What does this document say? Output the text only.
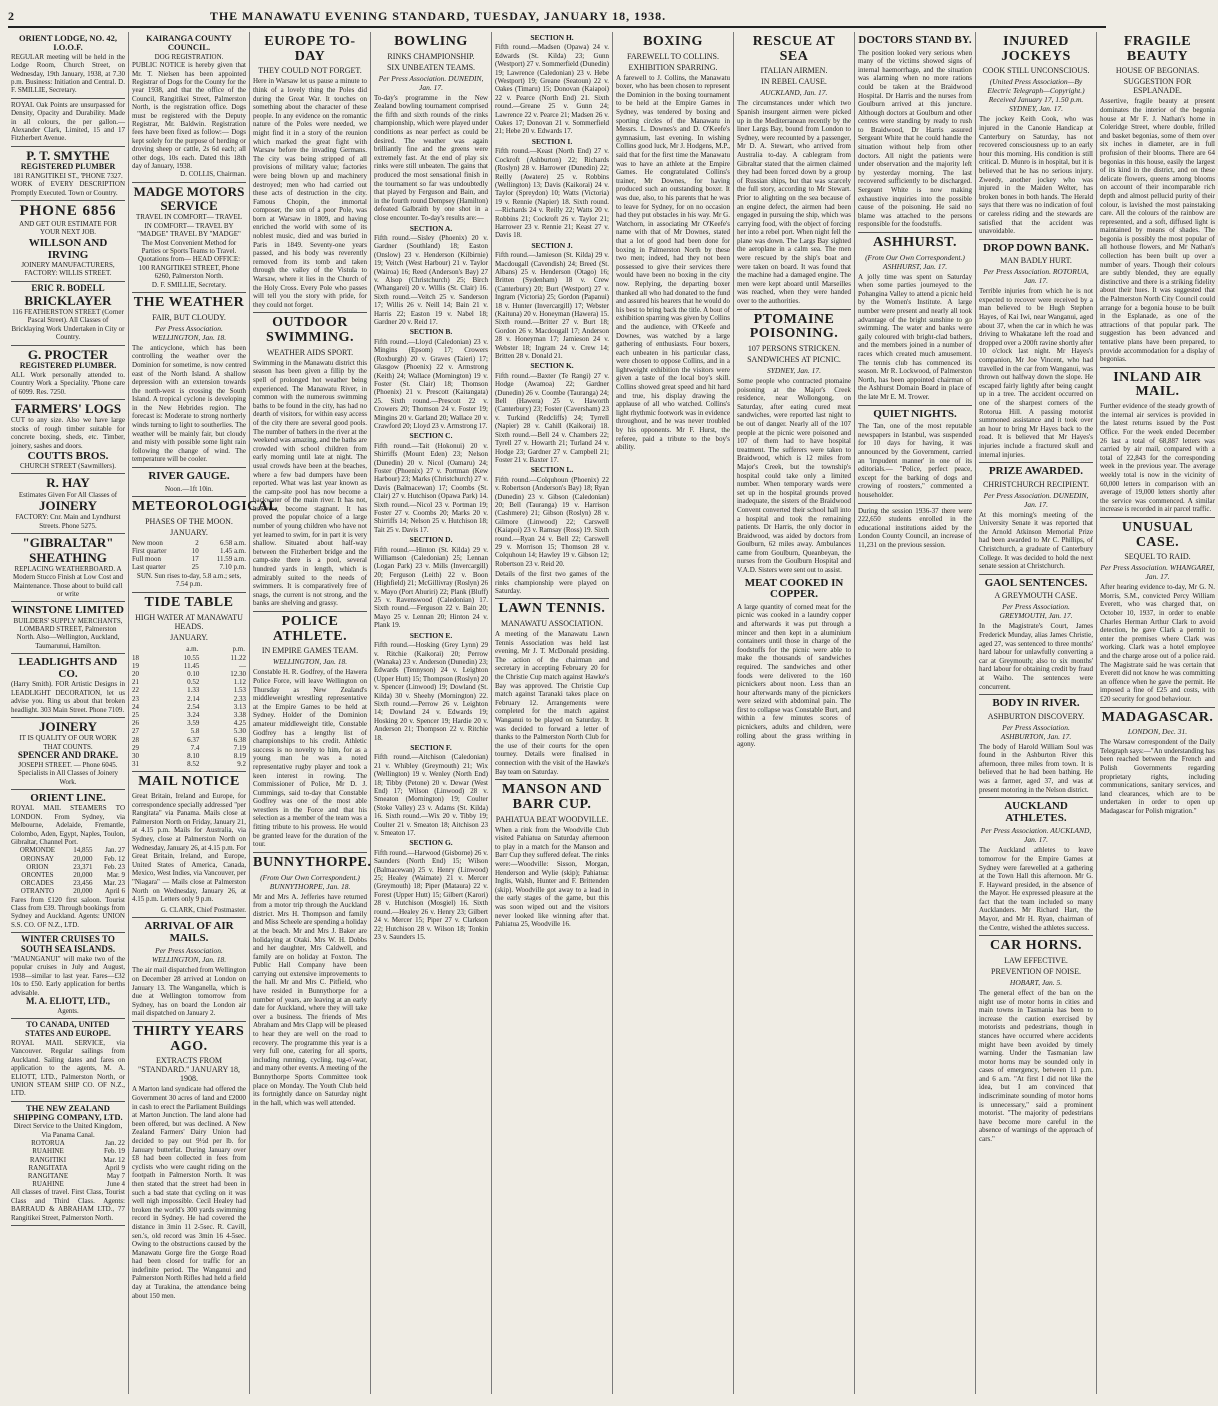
2	THE MANAWATU EVENING STANDARD, TUESDAY, JANUARY 18, 1938.
ORIENT LODGE, NO. 42, I.O.O.F.
REGULAR meeting will be held in the Lodge Room, Church Street, on Wednesday, 19th January, 1938, at 7.30 p.m. Business: Initiation and Central. D. F. SMILLIE, Secretary.
ROYAL Oak Points are unsurpassed for Density, Opacity and Durability. Made in all colours, the per gallon.—Alexander Clark, Limited, 15 and 17 Fitzherbert Avenue.
P. T. SMYTHE
REGISTERED PLUMBER
181 RANGITIKEI ST., 'PHONE 7327.
WORK of EVERY DESCRIPTION Promptly Executed. Town or Country.
PHONE 6856
AND GET OUR ESTIMATE FOR YOUR NEXT JOB.
WILLSON AND IRVING
JOINERY MANUFACTURERS, FACTORY: WILLIS STREET.
ERIC R. BODELL
BRICKLAYER
116 FEATHERSTON STREET (Corner Pascal Street). All Classes of Bricklaying Work Undertaken in City or Country.
G. PROCTER
REGISTERED PLUMBER.
ALL Work personally attended to. Country Work a Speciality. 'Phone care of 6099. Res. 7250.
FARMERS' LOGS
CUT to any size. Also we have large stocks of rough timber suitable for concrete boxing, sheds, etc. Timber, joinery, sashes and doors.
COUTTS BROS.
CHURCH STREET (Sawmillers).
R. HAY
Estimates Given For All Classes of
JOINERY
FACTORY: Cnr. Main and Lyndhurst Streets. Phone 5275.
"GIBRALTAR"
SHEATHING
REPLACING WEATHERBOARD. A Modern Stucco Finish at Low Cost and Maintenance. Those about to build call or write
WINSTONE LIMITED
BUILDERS' SUPPLY MERCHANTS, LOMBARD STREET, Palmerston North. Also—Wellington, Auckland, Taumarunui, Hamilton.
LEADLIGHTS AND CO.
(Harry Smith). FOR Artistic Designs in LEADLIGHT DECORATION, let us advise you. Ring us about that broken headlight. 303 Main Street. Phone 7109.
JOINERY
IT IS QUALITY OF OUR WORK THAT COUNTS.
SPENCER AND DRAKE.
JOSEPH STREET. — Phone 6045. Specialists in All Classes of Joinery Work.
ORIENT LINE.
ROYAL MAIL STEAMERS TO LONDON. From Sydney, via Melbourne, Adelaide, Fremantle, Colombo, Aden, Egypt, Naples, Toulon, Gibraltar, Channel Port.
ORMONDE	14,855	Jan. 27
ORONSAY	20,000	Feb. 12
ORION	23,371	Feb. 23
ORONTES	20,000	Mar. 9
ORCADES	23,456	Mar. 23
OTRANTO	20,000	April 6
Fares from £120 first saloon. Tourist Class from £39. Through bookings from Sydney and Auckland. Agents: UNION S.S. CO. OF N.Z., LTD.
WINTER CRUISES TO SOUTH SEA ISLANDS.
"MAUNGANUI" will make two of the popular cruises in July and August, 1938—similar to last year. Fares—£32 10s to £50. Early application for berths advisable.
M. A. ELIOTT, LTD.,
Agents.
TO CANADA, UNITED STATES AND EUROPE.
ROYAL MAIL SERVICE, via Vancouver. Regular sailings from Auckland. Sailing dates and fares on application to the agents, M. A. ELIOTT, LTD., Palmerston North, or UNION STEAM SHIP CO. OF N.Z., LTD.
THE NEW ZEALAND SHIPPING COMPANY, LTD.
Direct Service to the United Kingdom, Via Panama Canal.
ROTORUA	Jan. 22
RUAHINE	Feb. 19
RANGITIKI	Mar. 12
RANGITATA	April 9
RANGITANE	May 7
RUAHINE	June 4
All classes of travel. First Class, Tourist Class and Third Class. Agents: BARRAUD & ABRAHAM LTD., 77 Rangitikei Street, Palmerston North.
KAIRANGA COUNTY COUNCIL.
DOG REGISTRATION.
PUBLIC NOTICE is hereby given that Mr. T. Nielsen has been appointed Registrar of Dogs for the County for the year 1938, and that the office of the Council, Rangitikei Street, Palmerston North, is the registration office. Dogs must be registered with the Deputy Registrar, Mr. Baldwin. Registration fees have been fixed as follow:— Dogs kept solely for the purpose of herding or droving sheep or cattle, 2s 6d each; all other dogs, 10s each. Dated this 18th day of January, 1938.
D. COLLIS, Chairman.
MADGE MOTORS SERVICE
TRAVEL IN COMFORT— TRAVEL IN COMFORT— TRAVEL BY "MADGE" TRAVEL BY "MADGE" The Most Convenient Method for Parties or Sports Teams to Travel. Quotations from— HEAD OFFICE: 100 RANGITIKEI STREET, Phone 6260, Palmerston North.
D. F. SMILLIE, Secretary.
THE WEATHER
FAIR, BUT CLOUDY.
Per Press Association. WELLINGTON, Jan. 18.
The anticyclone, which has been controlling the weather over the Dominion for sometime, is now centred east of the North Island. A shallow depression with an extension towards the north-west is crossing the South Island. A tropical cyclone is developing in the New Hebrides region. The forecast is: Moderate to strong northerly winds turning to light to southerlies. The weather will be mainly fair, but cloudy and misty with possible some light rain following the change of wind. The temperature will be cooler.
RIVER GAUGE.
Noon.—1ft 10in.
METEOROLOGICAL
PHASES OF THE MOON.
JANUARY.
New moon	2	6.58 a.m.
First quarter	10	1.45 a.m.
Full moon	17	11.59 a.m.
Last quarter	25	7.10 p.m.
SUN. Sun rises to-day, 5.8 a.m.; sets, 7.54 p.m.
TIDE TABLE
HIGH WATER AT MANAWATU HEADS.
JANUARY.
	a.m.	p.m.
18	10.55	11.22
19	11.45	—
20	0.10	12.30
21	0.52	1.12
22	1.33	1.53
23	2.14	2.33
24	2.54	3.13
25	3.24	3.38
26	3.59	4.25
27	5.8	5.30
28	6.37	6.38
29	7.4	7.19
30	8.10	8.19
31	8.52	9.2
MAIL NOTICE
Great Britain, Ireland and Europe, for correspondence specially addressed "per Rangitata" via Panama. Mails close at Palmerston North on Friday, January 21, at 4.15 p.m. Mails for Australia, via Sydney, close at Palmerston North on Wednesday, January 26, at 4.15 p.m. For Great Britain, Ireland, and Europe, United States of America, Canada, Mexico, West Indies, via Vancouver, per "Niagara" — Mails close at Palmerston North on Wednesday, January 26, at 4.15 p.m. Letters only 9 p.m.
G. CLARK, Chief Postmaster.
ARRIVAL OF AIR MAILS.
Per Press Association. WELLINGTON, Jan. 18.
The air mail dispatched from Wellington on December 28 arrived at London on January 13. The Wanganella, which is due at Wellington tomorrow from Sydney, has on board the London air mail dispatched on January 2.
THIRTY YEARS AGO.
EXTRACTS FROM "STANDARD." JANUARY 18, 1908.
A Marton land syndicate had offered the Government 30 acres of land and £2000 in cash to erect the Parliament Buildings at Marton Junction. The land alone had been offered, but was declined. A New Zealand Farmers' Dairy Union had decided to pay out 9½d per lb. for January butterfat. During January over £8 had been collected in fees from cyclists who were caught riding on the footpath in Palmerston North. It was then stated that the street had been in such a bad state that cycling on it was well nigh impossible. Cecil Healey had broken the world's 300 yards swimming record in Sydney. He had covered the distance in 3min 11 2-5sec. R. Cavill, sen.'s, old record was 3min 16 4-5sec. Owing to the obstructions caused by the Manawatu Gorge fire the Gorge Road had been closed for traffic for an indefinite period. The Wanganui and Palmerston North Rifles had held a field day at Turakina, the attendance being about 150 men.
EUROPE TO-DAY
THEY COULD NOT FORGET.
Here in Warsaw let us pause a minute to think of a lovely thing the Poles did during the Great War. It touches on something about the character of these people. In any evidence on the romantic nature of the Poles were needed, we might find it in a story of the reunion which marked the great fight with Warsaw before the invading Germans. The city was being stripped of all provisions of military value; factories were being blown up and machinery destroyed; men who had carried out these acts of destruction in the city. Famous Chopin, the immortal composer, the son of a poor Pole, was born at Warsaw in 1809, and having enriched the world with some of its noblest music, died and was buried in Paris in 1849. Seventy-one years passed, and his body was reverently removed from its tomb and taken through the valley of the Vistula to Warsaw, where it lies in the Church of the Holy Cross. Every Pole who passes will tell you the story with pride, for they could not forget.
OUTDOOR SWIMMING.
WEATHER AIDS SPORT.
Swimming in the Manawatu district this season has been given a fillip by the spell of prolonged hot weather being experienced. The Manawatu River, in common with the numerous swimming baths to be found in the city, has had no dearth of visitors, for within easy access of the city there are several good pools. The number of bathers in the river at the weekend was amazing, and the baths are crowded with school children from early morning until late at night. The usual crowds have been at the beaches, where a few bad dumpers have been reported. What was last year known as the camp-site pool has now become a backwater of the main river. It has not, however, become stagnant. It has proved the popular choice of a large number of young children who have not yet learned to swim, for in part it is very shallow. Situated about half-way between the Fitzherbert bridge and the camp-site there is a pool, several hundred yards in length, which is admirably suited to the needs of swimmers. It is comparatively free of snags, the current is not strong, and the banks are shelving and grassy.
POLICE ATHLETE.
IN EMPIRE GAMES TEAM.
WELLINGTON, Jan. 18.
Constable H. R. Godfrey, of the Hawera Police Force, will leave Wellington on Thursday as New Zealand's middleweight wrestling representative at the Empire Games to be held at Sydney. Holder of the Dominion amateur middleweight title, Constable Godfrey has a lengthy list of championships to his credit. Athletic success is no novelty to him, for as a young man he was a noted representative rugby player and took a keen interest in rowing. The Commissioner of Police, Mr D. J. Cummings, said to-day that Constable Godfrey was one of the most able wrestlers in the Force and that his selection as a member of the team was a fitting tribute to his prowess. He would be granted leave for the duration of the tour.
BUNNYTHORPE.
(From Our Own Correspondent.) BUNNYTHORPE, Jan. 18.
Mr and Mrs A. Jefferies have returned from a motor trip through the Auckland district. Mrs H. Thompson and family and Miss Scheele are spending a holiday at the beach. Mr and Mrs J. Baker are holidaying at Otaki. Mrs W. H. Dobbs and her daughter, Mrs Caldwell, and family are on holiday at Foxton. The Public Hall Company have been carrying out extensive improvements to the hall. Mr and Mrs C. Pitfield, who have resided in Bunnythorpe for a number of years, are leaving at an early date for Auckland, where they will take over a business. The friends of Mrs Abraham and Mrs Clapp will be pleased to hear they are well on the road to recovery. The programme this year is a very full one, catering for all sports, including running, cycling, tug-o'-war, and many other events. A meeting of the Bunnythorpe Sports Committee took place on Monday. The Youth Club held its fortnightly dance on Saturday night in the hall, which was well attended.
BOWLING
RINKS CHAMPIONSHIP.
SIX UNBEATEN TEAMS.
Per Press Association. DUNEDIN, Jan. 17.
To-day's programme in the New Zealand bowling tournament comprised the fifth and sixth rounds of the rinks championship, which were played under conditions as near perfect as could be desired. The weather was again brilliantly fine and the greens were extremely fast. At the end of play six rinks were still unbeaten. The gains that produced the most sensational finish in the tournament so far was undoubtedly that played by Ferguson and Bain, and in the fourth round Dempsey (Hamilton) defeated Galbraith by one shot in a close encounter. To-day's results are:—
SECTION A.
Fifth round.—Sisley (Phoenix) 20 v. Gardner (Southland) 18; Easton (Onslow) 23 v. Henderson (Kilbirnie) 19; Veitch (West Harbour) 21 v. Taylor (Wairoa) 16; Reed (Anderson's Bay) 27 v. Alsop (Christchurch) 25; Birch (Whangarei) 20 v. Willis (St. Clair) 16. Sixth round.—Veitch 25 v. Sanderson 17; Willis 26 v. Neill 14; Bain 21 v. Harris 22; Easton 19 v. Nabel 18; Gardner 20 v. Reid 17.
SECTION B.
Fifth round.—Lloyd (Caledonian) 23 v. Mingins (Epsom) 17; Crowers (Roxburgh) 20 v. Graves (Taieri) 17; Glasgow (Phoenix) 22 v. Armstrong (Keith) 24; Wallace (Mornington) 19 v. Foster (St. Clair) 18; Thomson (Phoenix) 21 v. Prescott (Kaitangata) 25. Sixth round.—Prescott 22 v. Crowers 20; Thomson 24 v. Foster 19; Mingins 20 v. Garland 20; Wallace 20 v. Crawford 20; Lloyd 23 v. Armstrong 17.
SECTION C.
Fifth round.—Tait (Hokonui) 20 v. Shirriffs (Mount Eden) 23; Nelson (Dunedin) 20 v. Nicol (Oamaru) 24; Foster (Phoenix) 27 v. Portman (Kew Harbour) 23; Marks (Christchurch) 27 v. Davis (Balmacewan) 17; Coombs (St. Clair) 27 v. Hutchison (Opawa Park) 14. Sixth round.—Nicol 23 v. Portman 19; Foster 27 v. Coombs 20; Marks 20 v. Shirriffs 14; Nelson 25 v. Hutchison 18; Tait 25 v. Davis 17.
SECTION D.
Fifth round.—Hinton (St. Kilda) 29 v. Williamson (Caledonian) 25; Lennan (Logan Park) 23 v. Mills (Invercargill) 20; Ferguson (Leith) 22 v. Boon (Highfield) 21; McGillivray (Roslyn) 26 v. Mayo (Port Ahuriri) 22; Plank (Bluff) 25 v. Ravenswood (Caledonian) 17. Sixth round.—Ferguson 22 v. Bain 20; Mayo 25 v. Lennan 20; Hinton 24 v. Plank 19.
SECTION E.
Fifth round.—Hosking (Grey Lynn) 29 v. Ritchie (Kaikorai) 20; Perrow (Wanaka) 23 v. Anderson (Dunedin) 23; Edwards (Tennyson) 24 v. Leighton (Upper Hutt) 15; Thompson (Roslyn) 20 v. Spencer (Linwood) 19; Dowland (St. Kilda) 30 v. Sheehy (Mornington) 22. Sixth round.—Perrow 26 v. Leighton 14; Dowland 24 v. Edwards 19; Hosking 20 v. Spencer 19; Hardie 20 v. Anderson 21; Thompson 22 v. Ritchie 18.
SECTION F.
Fifth round.—Aitchison (Caledonian) 21 v. Whibley (Greymouth) 21; Wix (Wellington) 19 v. Wenley (North End) 18; Tibby (Petone) 20 v. Dewar (West End) 17; Wilson (Linwood) 28 v. Smeaton (Mornington) 19; Coulter (Stoke Valley) 23 v. Adams (St. Kilda) 16. Sixth round.—Wix 20 v. Tibby 19; Coulter 21 v. Smeaton 18; Aitchison 23 v. Smeaton 17.
SECTION G.
Fifth round.—Harwood (Gisborne) 26 v. Saunders (North End) 15; Wilson (Balmacewan) 25 v. Henry (Linwood) 25; Healey (Waimate) 21 v. Mercer (Greymouth) 18; Piper (Mataura) 22 v. Forest (Upper Hutt) 15; Gilbert (Karori) 28 v. Hutchison (Mosgiel) 16. Sixth round.—Healey 26 v. Henry 23; Gilbert 24 v. Mercer 15; Piper 27 v. Clarkson 22; Hutchison 28 v. Wilson 18; Tonkin 23 v. Saunders 15.
SECTION H.
Fifth round.—Madsen (Opawa) 24 v. Edwards (St. Kilda) 23; Gunn (Westport) 27 v. Sommerfield (Dunedin) 19; Lawrence (Caledonian) 23 v. Hebe (Westport) 19; Greane (Seatoun) 22 v. Oakes (Timaru) 15; Donovan (Kaiapoi) 22 v. Pearce (North End) 21. Sixth round.—Greane 25 v. Gunn 24; Lawrence 22 v. Pearce 21; Madsen 26 v. Oakes 17; Donovan 21 v. Sommerfield 21; Hebe 20 v. Edwards 17.
SECTION I.
Fifth round.—Keast (North End) 27 v. Cockroft (Ashburton) 22; Richards (Roslyn) 28 v. Harrower (Dunedin) 22; Reilly (Awatere) 25 v. Robbins (Wellington) 13; Davis (Kaikorai) 24 v. Taylor (Spreydon) 10; Watts (Victoria) 19 v. Rennie (Napier) 18. Sixth round.—Richards 24 v. Reilly 22; Watts 20 v. Robbins 21; Cockroft 26 v. Taylor 21; Harrower 23 v. Rennie 21; Keast 27 v. Davis 18.
SECTION J.
Fifth round.—Jamieson (St. Kilda) 29 v. Macdougall (Cavendish) 24; Breed (St. Albans) 25 v. Henderson (Otago) 16; Britten (Sydenham) 18 v. Crew (Canterbury) 20; Burt (Westport) 27 v. Ingram (Victoria) 25; Gordon (Papanui) 18 v. Hunter (Invercargill) 17; Webster (Kaituna) 20 v. Honeyman (Hawera) 15. Sixth round.—Britter 27 v. Burt 18; Gordon 26 v. Macdougall 17; Anderson 28 v. Honeyman 17; Jamieson 24 v. Webster 18; Ingram 24 v. Crew 14; Britten 28 v. Donald 21.
SECTION K.
Fifth round.—Baxter (Te Rangi) 27 v. Hodge (Awamoa) 22; Gardner (Dunedin) 26 v. Coombe (Tauranga) 24; Bell (Hawera) 25 v. Haworth (Canterbury) 23; Foster (Caversham) 23 v. Turkind (Redcliffs) 24; Tyrrell (Napier) 28 v. Cahill (Kaikorai) 18. Sixth round.—Bell 24 v. Chambers 22; Tyrell 27 v. Howarth 21; Turland 24 v. Hodge 23; Gardner 27 v. Campbell 21; Foster 21 v. Baxter 17.
SECTION L.
Fifth round.—Colquhoun (Phoenix) 22 v. Robertson (Anderson's Bay) 18; Ryan (Dunedin) 23 v. Gibson (Caledonian) 20; Bell (Tauranga) 19 v. Harrison (Cashmere) 21; Gibson (Roslyn) 28 v. Gilmore (Linwood) 22; Carswell (Kaiapoi) 23 v. Ramsay (Ross) 19. Sixth round.—Ryan 24 v. Bell 22; Carswell 29 v. Morrison 15; Thomson 28 v. Colquhoun 14; Hawley 19 v. Gibson 12; Robertson 23 v. Reid 20.
Details of the first two games of the rinks championship were played on Saturday.
LAWN TENNIS.
MANAWATU ASSOCIATION.
A meeting of the Manawatu Lawn Tennis Association was held last evening, Mr J. T. McDonald presiding. The action of the chairman and secretary in accepting February 20 for the Christie Cup match against Hawke's Bay was approved. The Christie Cup match against Taranaki takes place on February 12. Arrangements were completed for the match against Wanganui to be played on Saturday. It was decided to forward a letter of thanks to the Palmerston North Club for the use of their courts for the open tourney. Details were finalised in connection with the visit of the Hawke's Bay team on Saturday.
MANSON AND BARR CUP.
PAHIATUA BEAT WOODVILLE.
When a rink from the Woodville Club visited Pahiatua on Saturday afternoon to play in a match for the Manson and Barr Cup they suffered defeat. The rinks were:—Woodville: Sisson, Morgan, Henderson and Wylie (skip); Pahiatua: Inglis, Walsh, Hunter and F. Brittenden (skip). Woodville got away to a lead in the early stages of the game, but this was soon wiped out and the visitors never looked like winning after that. Pahiatua 25, Woodville 16.
BOXING
FAREWELL TO COLLINS.
EXHIBITION SPARRING.
A farewell to J. Collins, the Manawatu boxer, who has been chosen to represent the Dominion in the boxing tournament to be held at the Empire Games in Sydney, was tendered by boxing and sporting circles of the Manawatu in Messrs. L. Downes's and D. O'Keefe's gymnasium, last evening. In wishing Collins good luck, Mr J. Hodgens, M.P., said that for the first time the Manawatu was to have an athlete at the Empire Games. He congratulated Collins's trainer, Mr Downes, for having produced such an outstanding boxer. It was due, also, to his parents that he was to leave for Sydney, for on no occasion had they put obstacles in his way. Mr G. Watchorn, in associating Mr O'Keefe's name with that of Mr Downes, stated that a lot of good had been done for boxing in Palmerston North by these two men; indeed, had they not been possessed to give their services there would have been no boxing in the city now. Replying, the departing boxer thanked all who had donated to the fund and assured his hearers that he would do his best to bring back the title. A bout of exhibition sparring was given by Collins and the audience, with O'Keefe and Downes, was watched by a large gathering of enthusiasts. Four boxers, each unbeaten in his particular class, were chosen to oppose Collins, and in a lightweight exhibition the visitors were given a taste of the local boy's skill. Collins showed great speed and hit hard and true, his display drawing the applause of all who watched. Collins's light rhythmic footwork was in evidence throughout, and he was never troubled by his opponents. Mr F. Hurst, the referee, paid a tribute to the boy's ability.
RESCUE AT SEA
ITALIAN AIRMEN.
IN REBEL CAUSE.
AUCKLAND, Jan. 17.
The circumstances under which two Spanish insurgent airmen were picked up in the Mediterranean recently by the liner Largs Bay, bound from London to Sydney, were recounted by a passenger, Mr D. A. Stewart, who arrived from Australia to-day. A cablegram from Gibraltar stated that the airmen claimed they had been forced down by a group of Russian ships, but that was scarcely the full story, according to Mr Stewart. Prior to alighting on the sea because of an engine defect, the airmen had been engaged in pursuing the ship, which was carrying food, with the object of forcing her into a rebel port. When night fell the plane was down. The Largs Bay sighted the aeroplane in a calm sea. The men were rescued by the ship's boat and were taken on board. It was found that the machine had a damaged engine. The men were kept aboard until Marseilles was reached, when they were handed over to the authorities.
PTOMAINE POISONING.
107 PERSONS STRICKEN.
SANDWICHES AT PICNIC.
SYDNEY, Jan. 17.
Some people who contracted ptomaine poisoning at the Major's Creek residence, near Wollongong, on Saturday, after eating cured meat sandwiches, were reported last night to be out of danger. Nearly all of the 107 people at the picnic were poisoned and 107 of them had to have hospital treatment. The sufferers were taken to Braidwood, which is 12 miles from Major's Creek, but the township's hospital could take only a limited number. When temporary wards were set up in the hospital grounds proved inadequate, the sisters of the Braidwood Convent converted their school hall into a hospital and took the remaining patients. Dr Harris, the only doctor in Braidwood, was aided by doctors from Goulburn, 62 miles away. Ambulances came from Goulburn, Queanbeyan, the nurses from the Goulburn Hospital and V.A.D. Sisters were sent out to assist.
MEAT COOKED IN COPPER.
A large quantity of corned meat for the picnic was cooked in a laundry copper and afterwards it was put through a mincer and then kept in a aluminium containers until those in charge of the foodstuffs for the picnic were able to make the thousands of sandwiches required. The sandwiches and other foods were delivered to the 160 picnickers about noon. Less than an hour afterwards many of the picnickers were seized with abdominal pain. The first to collapse was Constable Burt, and within a few minutes scores of picnickers, adults and children, were rolling about the grass writhing in agony.
DOCTORS STAND BY.
The position looked very serious when many of the victims showed signs of internal haemorrhage, and the situation was alarming when no more rations could be taken at the Braidwood Hospital. Dr Harris and the nurses from Goulburn arrived at this juncture. Although doctors at Goulburn and other centres were standing by ready to rush to Braidwood, Dr Harris assured Sergeant White that he could handle the situation without help from other doctors. All night the patients were under observation and the majority left by yesterday morning. The last recovered sufficiently to be discharged. Sergeant White is now making exhaustive inquiries into the possible cause of the poisoning. He said no blame was attached to the persons responsible for the foodstuffs.
ASHHURST.
(From Our Own Correspondent.) ASHHURST, Jan. 17.
A jolly time was spent on Saturday when some parties journeyed to the Pohangina Valley to attend a picnic held by the Women's Institute. A large number were present and nearly all took advantage of the bright sunshine to go swimming. The water and banks were gaily coloured with bright-clad bathers, and the members joined in a number of races which created much amusement. The tennis club has commenced its season. Mr R. Lockwood, of Palmerston North, has been appointed chairman of the Ashhurst Domain Board in place of the late Mr E. M. Trower.
QUIET NIGHTS.
The Tan, one of the most reputable newspapers in Istanbul, was suspended for 10 days for having, it was announced by the Government, carried an 'impudent manner' in one of its editorials.— "Police, perfect peace, except for the barking of dogs and crowing of roosters," commented a householder.
During the session 1936-37 there were 222,650 students enrolled in the educational institutions aided by the London County Council, an increase of 11,231 on the previous session.
INJURED JOCKEYS
COOK STILL UNCONSCIOUS.
(United Press Association—By Electric Telegraph—Copyright.) Received January 17, 1.50 p.m. SYDNEY, Jan. 17.
The jockey Keith Cook, who was injured in the Canonie Handicap at Canterbury on Saturday, has not recovered consciousness up to an early hour this morning. His condition is still critical. D. Munro is in hospital, but it is believed that he has no serious injury. Zweedy, another jockey who was injured in the Maiden Welter, has broken bones in both hands. The Herald says that there was no indication of foul or careless riding and the stewards are satisfied that the accident was unavoidable.
DROP DOWN BANK.
MAN BADLY HURT.
Per Press Association. ROTORUA, Jan. 17.
Terrible injuries from which he is not expected to recover were received by a man believed to be Hugh Stephen Hayes, of Kai Iwi, near Wanganui, aged about 37, when the car in which he was driving to Whakatane left the road and dropped over a 200ft ravine shortly after 10 o'clock last night. Mr Hayes's companion, Mr Joe Vincent, who had travelled in the car from Wanganui, was thrown out halfway down the slope. He escaped fairly lightly after being caught up in a tree. The accident occurred on one of the sharpest corners of the Rotorua Hill. A passing motorist summoned assistance and it took over an hour to bring Mr Hayes back to the road. It is believed that Mr Hayes's injuries include a fractured skull and internal injuries.
PRIZE AWARDED.
CHRISTCHURCH RECIPIENT.
Per Press Association. DUNEDIN, Jan. 17.
At this morning's meeting of the University Senate it was reported that the Arnold Atkinson Memorial Prize had been awarded to Mr C. Phillips, of Christchurch, a graduate of Canterbury College. It was decided to hold the next senate session at Christchurch.
GAOL SENTENCES.
A GREYMOUTH CASE.
Per Press Association. GREYMOUTH, Jan. 17.
In the Magistrate's Court, James Frederick Munday, alias James Christie, aged 27, was sentenced to three months' hard labour for unlawfully converting a car at Greymouth; also to six months' hard labour for obtaining credit by fraud at Waiho. The sentences were concurrent.
BODY IN RIVER.
ASHBURTON DISCOVERY.
Per Press Association. ASHBURTON, Jan. 17.
The body of Harold William Soul was found in the Ashburton River this afternoon, three miles from town. It is believed that he had been bathing. He was a farmer, aged 37, and was at present motoring in the Nelson district.
AUCKLAND ATHLETES.
Per Press Association. AUCKLAND, Jan. 17.
The Auckland athletes to leave tomorrow for the Empire Games at Sydney were farewelled at a gathering at the Town Hall this afternoon. Mr G. F. Hayward presided, in the absence of the Mayor. He expressed pleasure at the fact that the team included so many Aucklanders. Mr Richard Hart, the Mayor, and Mr H. Ryan, chairman of the Centre, wished the athletes success.
CAR HORNS.
LAW EFFECTIVE.
PREVENTION OF NOISE.
HOBART, Jan. 5.
The general effect of the ban on the night use of motor horns in cities and main towns in Tasmania has been to increase the caution exercised by motorists and pedestrians, though in stances have occurred where accidents might have been avoided by timely warning. Under the Tasmanian law motor horns may be sounded only in cases of emergency, between 11 p.m. and 6 a.m. "At first I did not like the idea, but I am convinced that indiscriminate sounding of motor horns is unnecessary," said a prominent motorist. "The majority of pedestrians have become more careful in the absence of warnings of the approach of cars."
FRAGILE BEAUTY
HOUSE OF BEGONIAS.
SUGGESTION FOR ESPLANADE.
Assertive, fragile beauty at present dominates the interior of the begonia house at Mr F. J. Nathan's home in Coleridge Street, where double, frilled and basket begonias, some of them over six inches in diameter, are in full profusion of their blooms. There are 64 begonias in this house, easily the largest of its kind in the district, and on these delicate flowers, queens among blooms on account of their incomparable rich depth and almost pellucid purity of their colour, is lavished the most painstaking care. All the colours of the rainbow are represented, and a soft, diffused light is maintained by means of shades. The begonia is possibly the most popular of all hothouse flowers, and Mr Nathan's collection has been built up over a number of years. Though their colours are subtly blended, they are equally distinctive and there is a striking fidelity about their hues. It was suggested that the Palmerston North City Council could arrange for a begonia house to be built in the Esplanade, as one of the attractions of that popular park. The suggestion has been advanced and tentative plans have been prepared, to provide accommodation for a display of begonias.
INLAND AIR MAIL.
Further evidence of the steady growth of the internal air services is provided in the latest returns issued by the Post Office. For the week ended December 26 last a total of 68,887 letters was carried by air mail, compared with a total of 22,843 for the corresponding week in the previous year. The average weekly total is now in the vicinity of 60,000 letters in comparison with an average of 19,000 letters shortly after the service was commenced. A similar increase is recorded in air parcel traffic.
UNUSUAL CASE.
SEQUEL TO RAID.
Per Press Association. WHANGAREI, Jan. 17.
After hearing evidence to-day, Mr G. N. Morris, S.M., convicted Percy William Everett, who was charged that, on October 10, 1937, in order to enable Charles Herman Arthur Clark to avoid detection, he gave Clark a permit to enter the premises where Clark was working. Clark was a hotel employee and the charge arose out of a police raid. The Magistrate said he was certain that Everett did not know he was committing an offence when he gave the permit. He imposed a fine of £25 and costs, with £20 security for good behaviour.
MADAGASCAR.
LONDON, Dec. 31.
The Warsaw correspondent of the Daily Telegraph says:—"An understanding has been reached between the French and Polish Governments regarding proprietary rights, including communications, sanitary services, and land clearances, which are to be undertaken in order to open up Madagascar for Polish migration."
